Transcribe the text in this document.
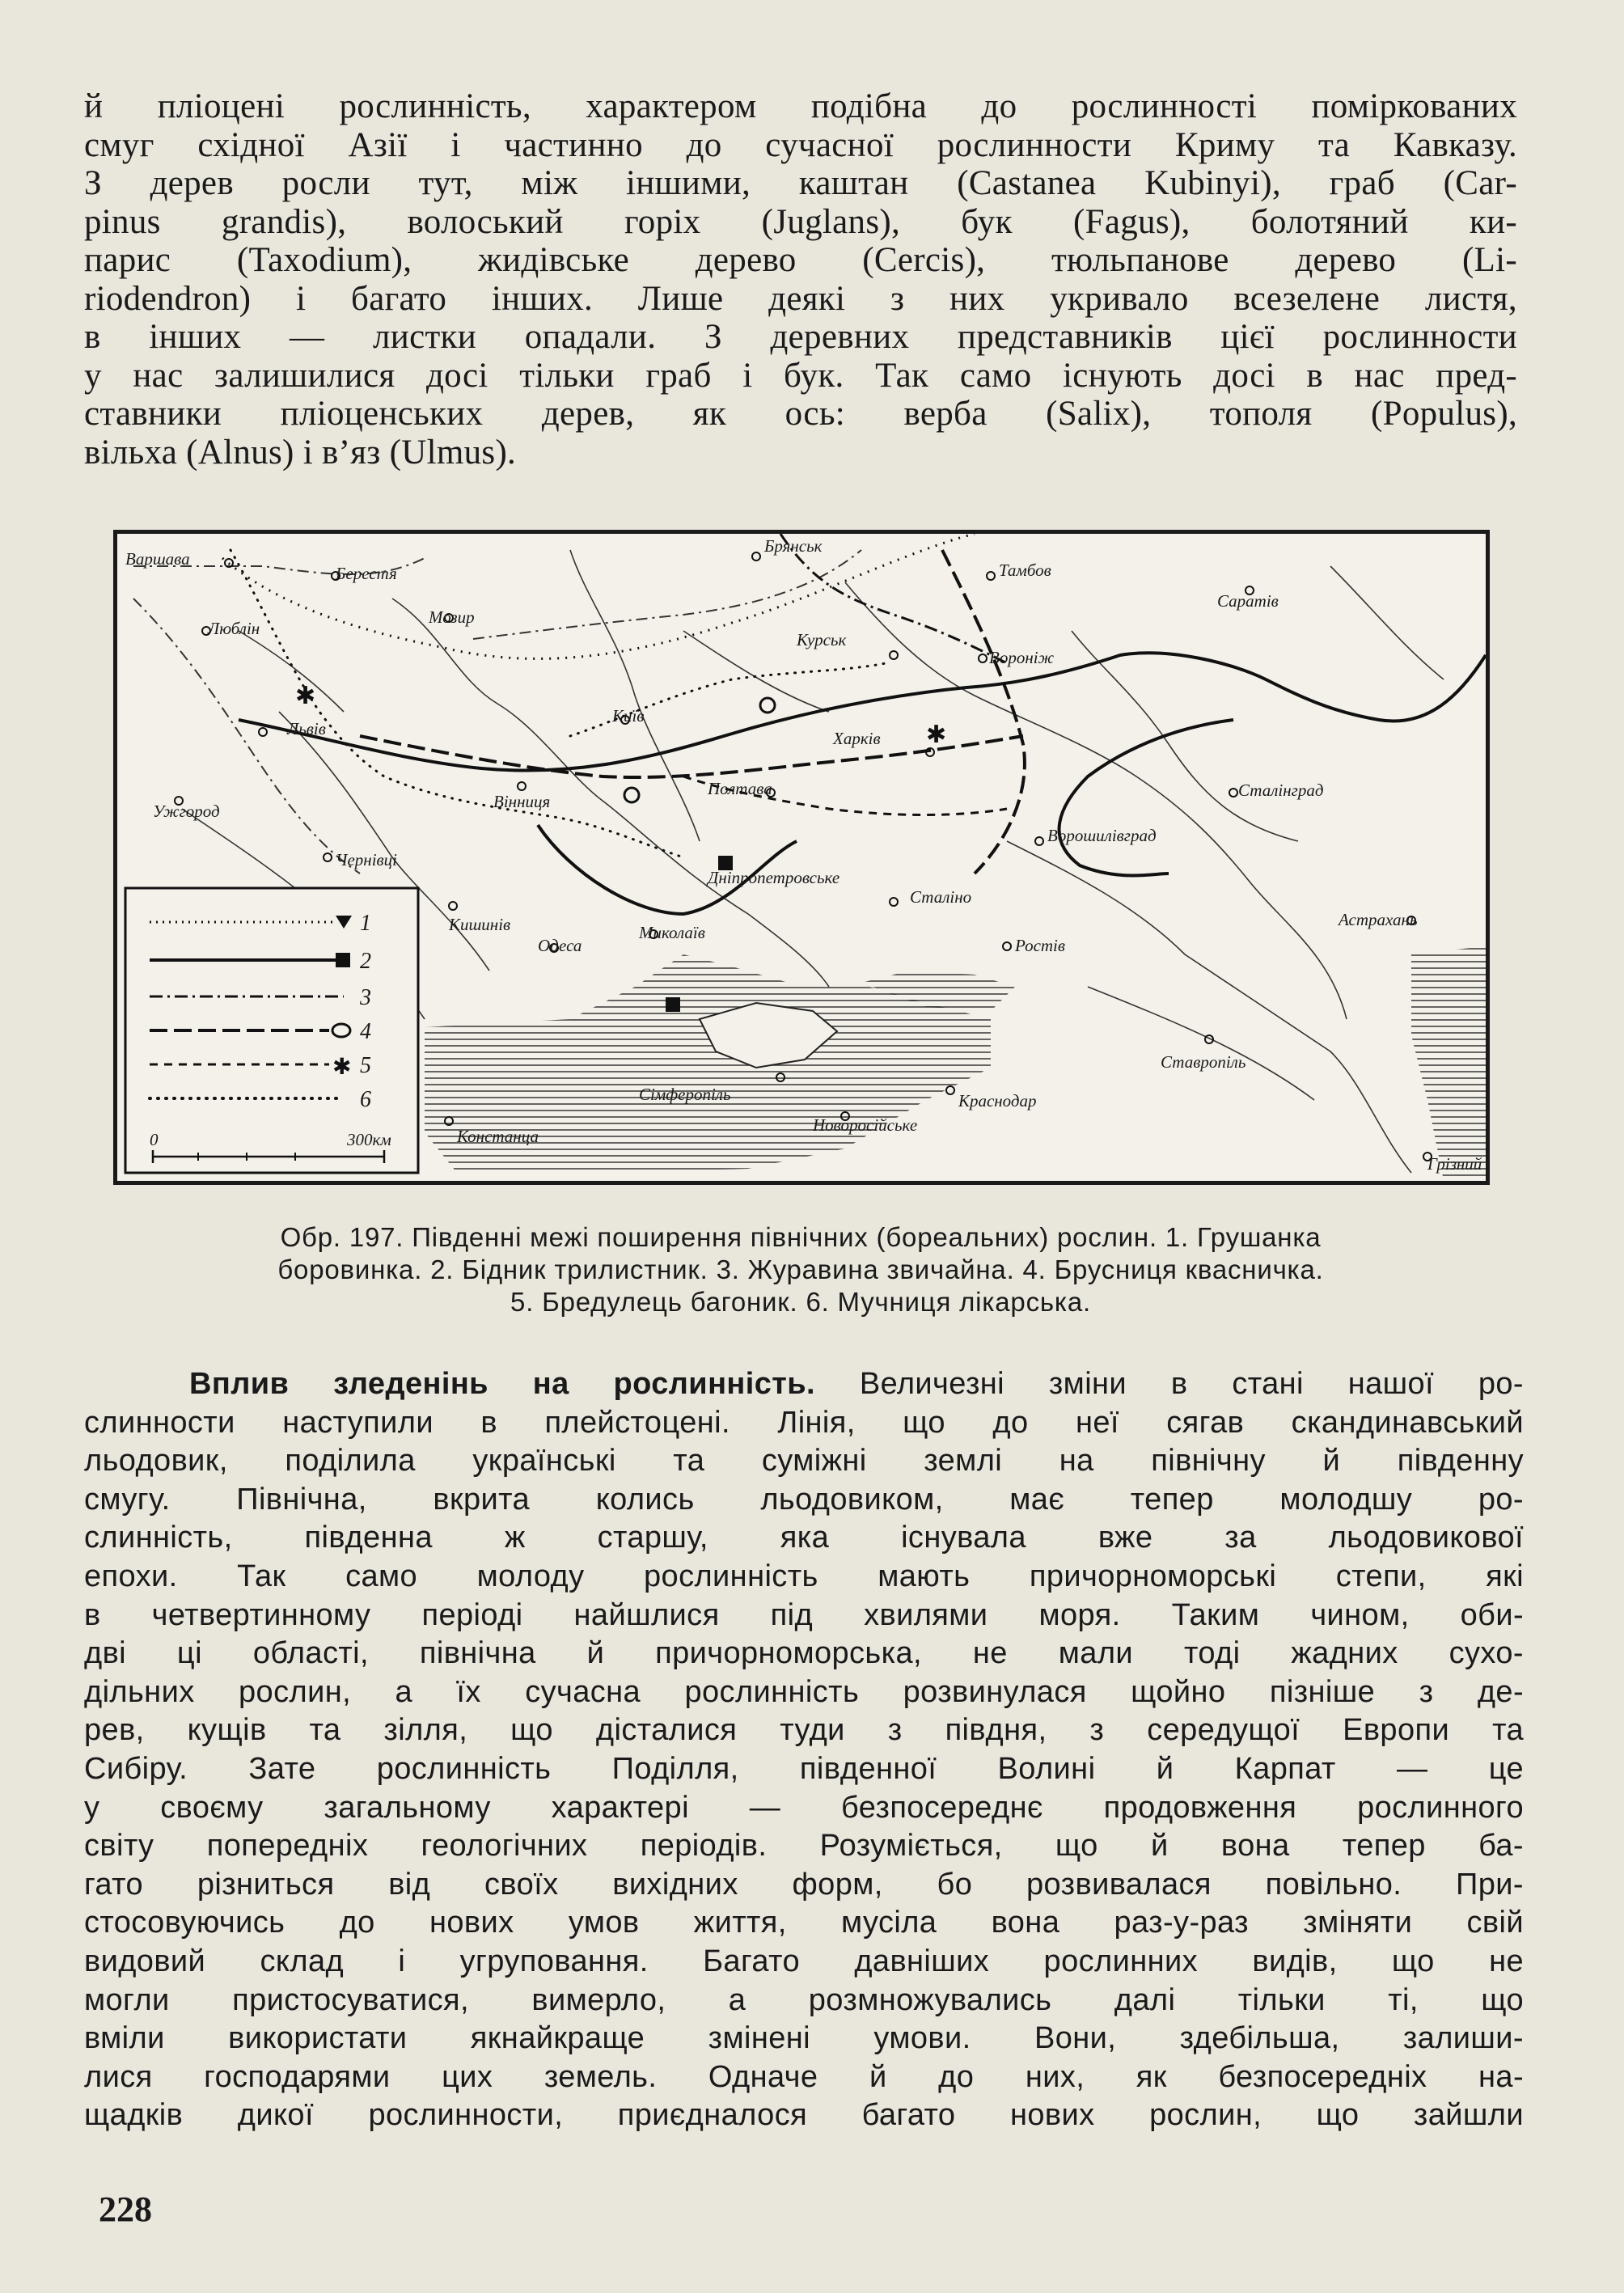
й пліоцені рослинність, характером подібна до рослинності поміркованих
смуг східної Азії і частинно до сучасної рослинности Криму та Кавказу.
З дерев росли тут, між іншими, каштан (Castanea Kubinyi), граб (Car-
pinus grandis), волоський горіх (Juglans), бук (Fagus), болотяний ки-
парис (Taxodium), жидівське дерево (Cercis), тюльпанове дерево (Li-
riodendron) і багато інших. Лише деякі з них укривало всезелене листя,
в інших — листки опадали. З деревних представників цієї рослинности
у нас залишилися досі тільки граб і бук. Так само існують досі в нас пред-
ставники пліоценських дерев, як ось: верба (Salix), тополя (Populus),
вільха (Alnus) і в’яз (Ulmus).
✱
✱
Варшава
Берестя
Люблін
Мозир
Брянськ
Тамбов
Саратів
Курськ
Вороніж
Київ
Харків
Львів
Вінниця
Полтава	Сталінград
Ужгород
Ворошилівград
Чернівці
Дніпропетровське
Сталіно
Кишинів	Миколаїв
Одеса	Ростів
Астрахань
Ставропіль
Сімферопіль	Краснодар
Новоросійське
Констанца
Грізний
1
2
3
4
✱ 5
6
0	300км
Обр. 197. Південні межі поширення північних (бореальних) рослин. 1. Грушанка
боровинка. 2. Бідник трилистник. 3. Журавина звичайна. 4. Брусниця квасничка.
5. Бредулець багоник. 6. Мучниця лікарська.
Вплив зледенінь на рослинність. Величезні зміни в стані нашої ро-
слинности наступили в плейстоцені. Лінія, що до неї сягав скандинавський
льодовик, поділила українські та суміжні землі на північну й південну
смугу. Північна, вкрита колись льодовиком, має тепер молодшу ро-
слинність, південна ж старшу, яка існувала вже за льодовикової
епохи. Так само молоду рослинність мають причорноморські степи, які
в четвертинному періоді найшлися під хвилями моря. Таким чином, оби-
дві ці області, північна й причорноморська, не мали тоді жадних сухо-
дільних рослин, а їх сучасна рослинність розвинулася щойно пізніше з де-
рев, кущів та зілля, що дісталися туди з півдня, з середущої Европи та
Сибіру. Зате рослинність Поділля, південної Волині й Карпат — це
у своєму загальному характері — безпосереднє продовження рослинного
світу попередніх геологічних періодів. Розуміється, що й вона тепер ба-
гато різниться від своїх вихідних форм, бо розвивалася повільно. При-
стосовуючись до нових умов життя, мусіла вона раз-у-раз зміняти свій
видовий склад і угруповання. Багато давніших рослинних видів, що не
могли пристосуватися, вимерло, а розмножувались далі тільки ті, що
вміли використати якнайкраще змінені умови. Вони, здебільша, залиши-
лися господарями цих земель. Одначе й до них, як безпосередніх на-
щадків дикої рослинности, приєдналося багато нових рослин, що зайшли
228
